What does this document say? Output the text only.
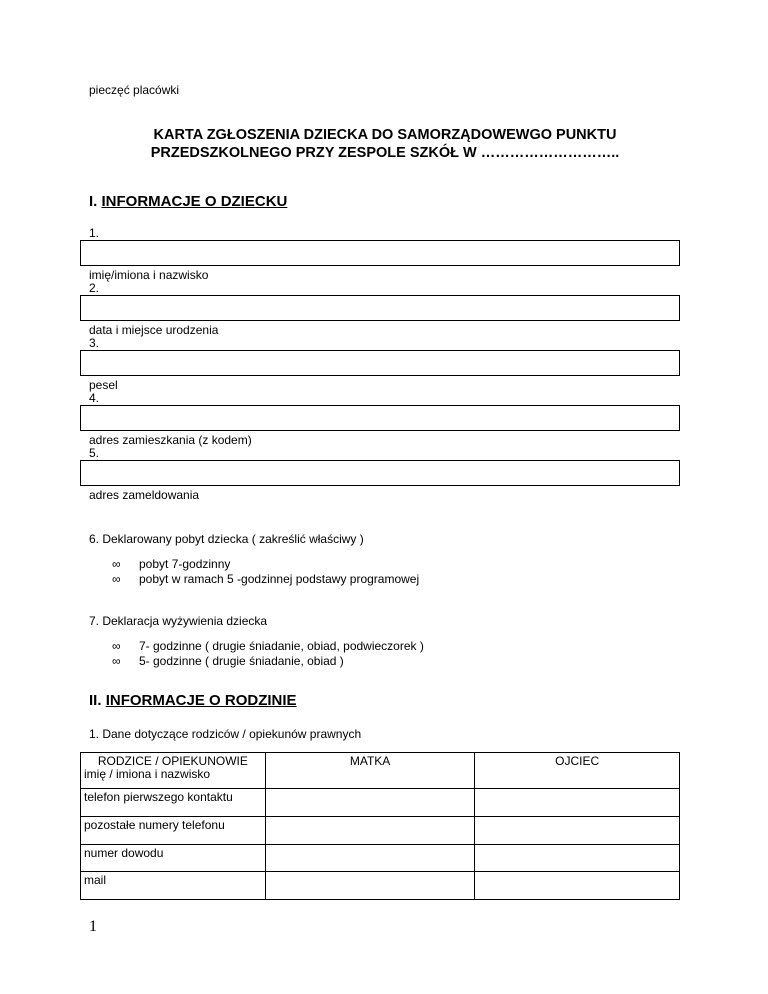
pieczęć placówki
KARTA ZGŁOSZENIA DZIECKA DO SAMORZĄDOWEWGO PUNKTU
PRZEDSZKOLNEGO PRZY ZESPOLE SZKÓŁ W ………………………..
I. INFORMACJE O DZIECKU
1.
imię/imiona i nazwisko
2.
data i miejsce urodzenia
3.
pesel
4.
adres zamieszkania (z kodem)
5.
adres zameldowania
6. Deklarowany pobyt dziecka ( zakreślić właściwy )
∞ pobyt 7-godzinny
∞ pobyt w ramach 5 -godzinnej podstawy programowej
7. Deklaracja wyżywienia dziecka
∞ 7- godzinne ( drugie śniadanie, obiad, podwieczorek )
∞ 5- godzinne ( drugie śniadanie, obiad )
II. INFORMACJE O RODZINIE
1. Dane dotyczące rodziców / opiekunów prawnych
RODZICE / OPIEKUNOWIE
imię / imiona i nazwisko	MATKA	OJCIEC
telefon pierwszego kontaktu		
pozostałe numery telefonu		
numer dowodu		
mail		
1
